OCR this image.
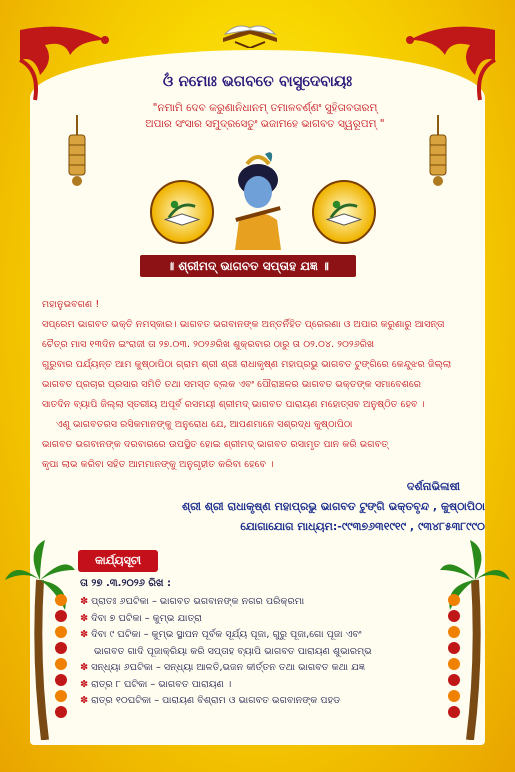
ଓଁ ନମୋଃ ଭଗବତେ ବାସୁଦେବାୟଃ
"ନମାମି ଦେବ କରୁଣାନିଧାନମ୍ ତମାଳବର୍ଣ୍ଣଂ ସୁହିତାବତାରମ୍
ଅପାର ସଂସାର ସମୁଦ୍ରସେତୁଂ ଭଜାମହେ ଭାଗବତ ସ୍ୱରୂପମ୍ "
॥ ଶ୍ରୀମଦ୍ ଭାଗବତ ସପ୍ତାହ ଯଜ୍ଞ ॥

ମହାନୁଭବଗଣ !

ସପ୍ରେମ ଭାଗବତ ଭକ୍ତି ନମସ୍କାର। ଭାଗବତ ଭଗବାନଙ୍କ ଅନ୍ତର୍ନିହିତ ପ୍ରେରଣା ଓ ଅପାର କରୁଣାରୁ ଆସନ୍ତା

ଚୈତ୍ର ମାସ ୧୩ଦିନ ଇଂରାଜୀ ତା ୨୭.୦୩. ୨୦୨୬ରିଖ ଶୁକ୍ରବାର ଠାରୁ ତା ୦୨.୦୪. ୨୦୨୬ରିଖ

ଗୁରୁବାର ପର୍ଯ୍ୟନ୍ତ ଆମ କୁଷ୍ଠାପିଠା ଗ୍ରାମ ଶ୍ରୀ ଶ୍ରୀ ରାଧାକୃଷ୍ଣ ମହାପ୍ରଭୁ ଭାଗବତ ଟୁଙ୍ଗିରେ କେନ୍ଦୁଝର ଜିଲ୍ଲା

ଭାଗବତ ପ୍ରଚାର ପ୍ରସାର ସମିତି ତଥା ସମସ୍ତ ବ୍ଲକ ଏବଂ ପୌରାଞ୍ଚଳର ଭାଗବତ ଭକ୍ତଙ୍କ ସମାବେଶରେ

ସାତଦିନ ବ୍ୟାପି ଜିଲ୍ଲା ସ୍ତରୀୟ ଅପୂର୍ବ ରସମୟୀ ଶ୍ରୀମଦ୍ ଭାଗବତ ପାରାୟଣ ମହୋତ୍ସବ ଅନୁଷ୍ଠିତ ହେବ ।

ଏଣୁ ଭାଗବତରସ ରସିକମାନଙ୍କୁ ଅନୁରୋଧ ଯେ, ଆପଣମାନେ ସଶ୍ରଦ୍ଧ କୁଷ୍ଠାପିଠା

ଭାଗବତ ଭଗବାନଙ୍କ ଦରବାରରେ ଉପସ୍ଥିତ ହୋଇ ଶ୍ରୀମଦ୍ ଭାଗବତ ରସାମୃତ ପାନ କରି ଭଗବତ୍

କୃପା ଲାଭ କରିବା ସହିତ ଆମମାନଙ୍କୁ ଅନୁଗୃହୀତ କରିବା ହେବେ ।

ଦର୍ଶନାଭିଳାଷୀ
ଶ୍ରୀ ଶ୍ରୀ ରାଧାକୃଷ୍ଣ ମହାପ୍ରଭୁ ଭାଗବତ ଟୁଙ୍ଗି ଭକ୍ତବୃନ୍ଦ , କୁଷ୍ଠାପିଠା
ଯୋଗାଯୋଗ ମାଧ୍ୟମ:-୯୯୩୭୬୩୧୯୧୯ , ୯୩୪୮୫୩୮୯୯୦
କାର୍ଯ୍ୟସୂଚୀ
ତା ୨୭ .୩.୨୦୨୬ ରିଖ :
✽ ପ୍ରାତଃ ୬ଘଟିକା – ଭାଗବତ ଭଗବାନଙ୍କ ନଗର ପରିକ୍ରମା
✽ ଦିବା ୭ ଘଟିକା – କୁମ୍ଭ ଯାତ୍ରା
✽ ଦିବା ୯ ଘଟିକା – କୁମ୍ଭ ସ୍ଥାପନ ପୂର୍ବକ ସୂର୍ଯ୍ୟ ପୂଜା, ଗୁରୁ ପୂଜା,ଗୋ ପୂଜା ଏବଂ
ଭାଗବତ ଗାଦି ପୂଜାକ୍ରିୟା କରି ସପ୍ତାହ ବ୍ୟାପି ଭାଗବତ ପାରାୟଣ ଶୁଭାରମ୍ଭ
✽ ସନ୍ଧ୍ୟା ୬ଘଟିକା – ସନ୍ଧ୍ୟା ଆଳତି,ଭଜନ କୀର୍ତ୍ତନ ତଥା ଭାଗବତ କଥା ଯଜ୍ଞ
✽ ରାତ୍ର ୮ ଘଟିକା – ଭାଗବତ ପାରାୟଣ ।
✽ ରାତ୍ର ୧୦ଘଟିକା – ପାରାୟଣ ବିଶ୍ରାମ ଓ ଭାଗବତ ଭଗବାନଙ୍କ ପହଡ
